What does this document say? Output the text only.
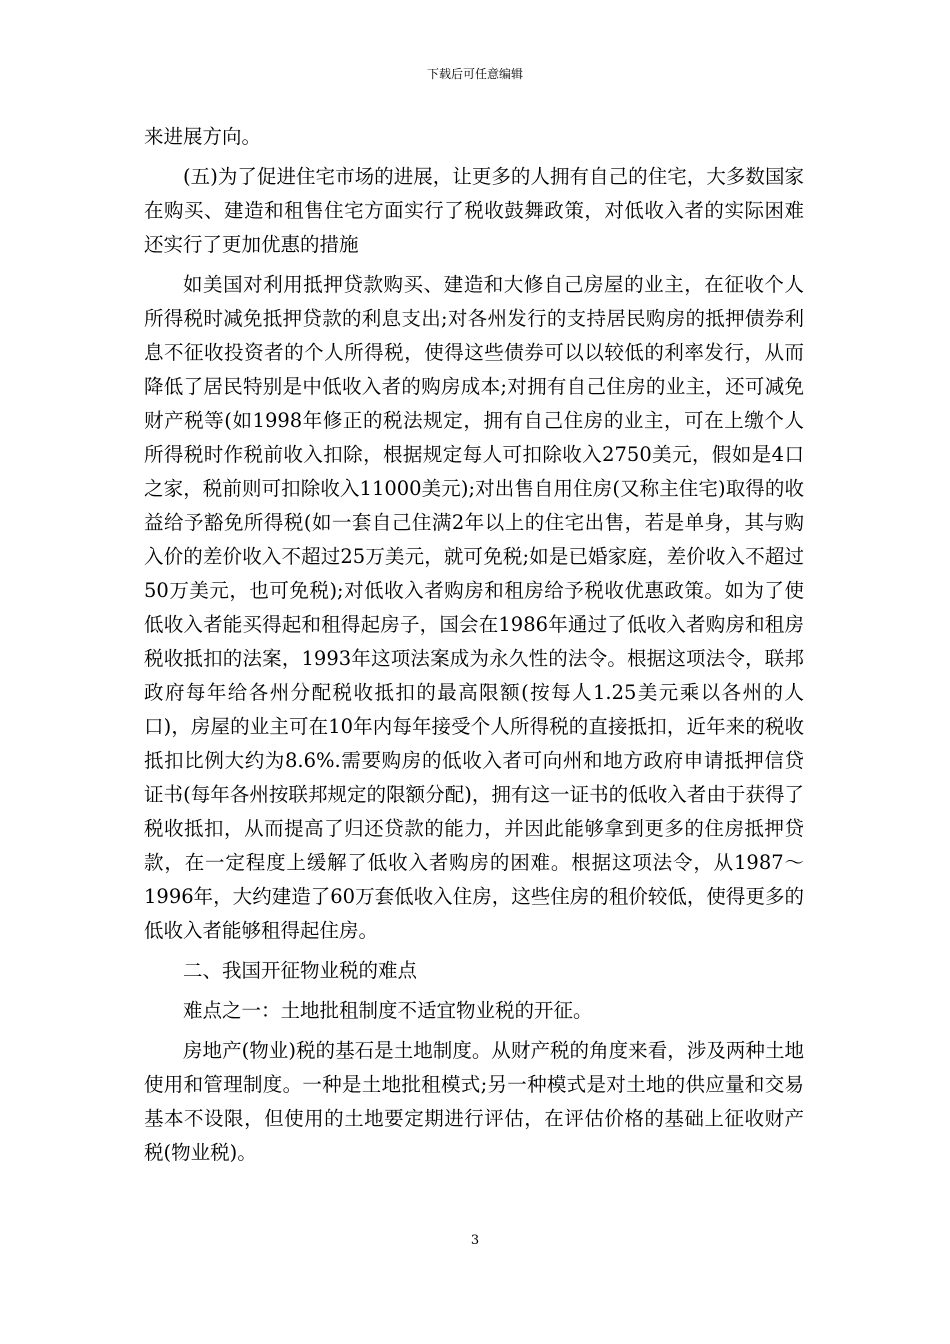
下载后可任意编辑

来进展方向。

(五)为了促进住宅市场的进展，让更多的人拥有自己的住宅，大多数国家在购买、建造和租售住宅方面实行了税收鼓舞政策，对低收入者的实际困难还实行了更加优惠的措施

如美国对利用抵押贷款购买、建造和大修自己房屋的业主，在征收个人所得税时减免抵押贷款的利息支出;对各州发行的支持居民购房的抵押债券利息不征收投资者的个人所得税，使得这些债券可以以较低的利率发行，从而降低了居民特别是中低收入者的购房成本;对拥有自己住房的业主，还可减免财产税等(如1998年修正的税法规定，拥有自己住房的业主，可在上缴个人所得税时作税前收入扣除，根据规定每人可扣除收入2750美元，假如是4口之家，税前则可扣除收入11000美元);对出售自用住房(又称主住宅)取得的收益给予豁免所得税(如一套自己住满2年以上的住宅出售，若是单身，其与购入价的差价收入不超过25万美元，就可免税;如是已婚家庭，差价收入不超过50万美元，也可免税);对低收入者购房和租房给予税收优惠政策。如为了使低收入者能买得起和租得起房子，国会在1986年通过了低收入者购房和租房税收抵扣的法案，1993年这项法案成为永久性的法令。根据这项法令，联邦政府每年给各州分配税收抵扣的最高限额(按每人1.25美元乘以各州的人口)，房屋的业主可在10年内每年接受个人所得税的直接抵扣，近年来的税收抵扣比例大约为8.6%.需要购房的低收入者可向州和地方政府申请抵押信贷证书(每年各州按联邦规定的限额分配)，拥有这一证书的低收入者由于获得了税收抵扣，从而提高了归还贷款的能力，并因此能够拿到更多的住房抵押贷款，在一定程度上缓解了低收入者购房的困难。根据这项法令，从1987～1996年，大约建造了60万套低收入住房，这些住房的租价较低，使得更多的低收入者能够租得起住房。

二、我国开征物业税的难点

难点之一：土地批租制度不适宜物业税的开征。

房地产(物业)税的基石是土地制度。从财产税的角度来看，涉及两种土地使用和管理制度。一种是土地批租模式;另一种模式是对土地的供应量和交易基本不设限，但使用的土地要定期进行评估，在评估价格的基础上征收财产税(物业税)。

3
